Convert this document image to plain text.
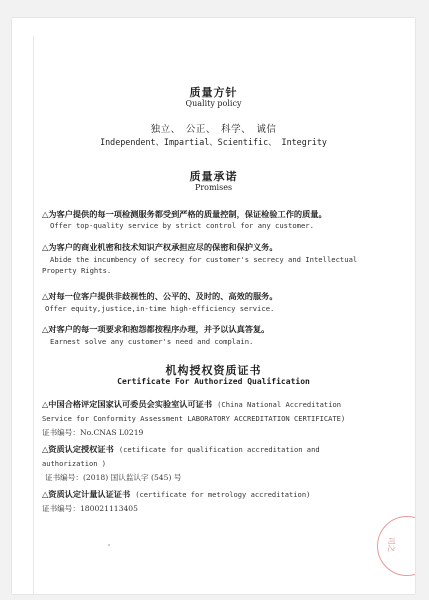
质量方针
Quality policy
独立、　公正、　科学、　诚信
Independent、Impartial、Scientific、 Integrity
质量承诺
Promises
△为客户提供的每一项检测服务都受到严格的质量控制，保证检验工作的质量。
Offer top-quality service by strict control for any customer.
△为客户的商业机密和技术知识产权承担应尽的保密和保护义务。
Abide the incumbency of secrecy for customer's secrecy and Intellectual
Property Rights.
△对每一位客户提供非歧视性的、公平的、及时的、高效的服务。
Offer equity,justice,in-time high-efficiency service.
△对客户的每一项要求和抱怨都按程序办理，并予以认真答复。
Earnest solve any customer's need and complain.
机构授权资质证书
Certificate For Authorized Qualification
△中国合格评定国家认可委员会实验室认可证书 (China National Accreditation Service for Conformity Assessment LABORATORY ACCREDITATION CERTIFICATE)
证书编号：No.CNAS L0219
△资质认定授权证书 (cetificate for qualification accreditation and authorization )
证书编号：(2018) 国认监认字 (545) 号
△资质认定计量认证证书 (certificate for metrology accreditation)
证书编号：180021113405
司之
